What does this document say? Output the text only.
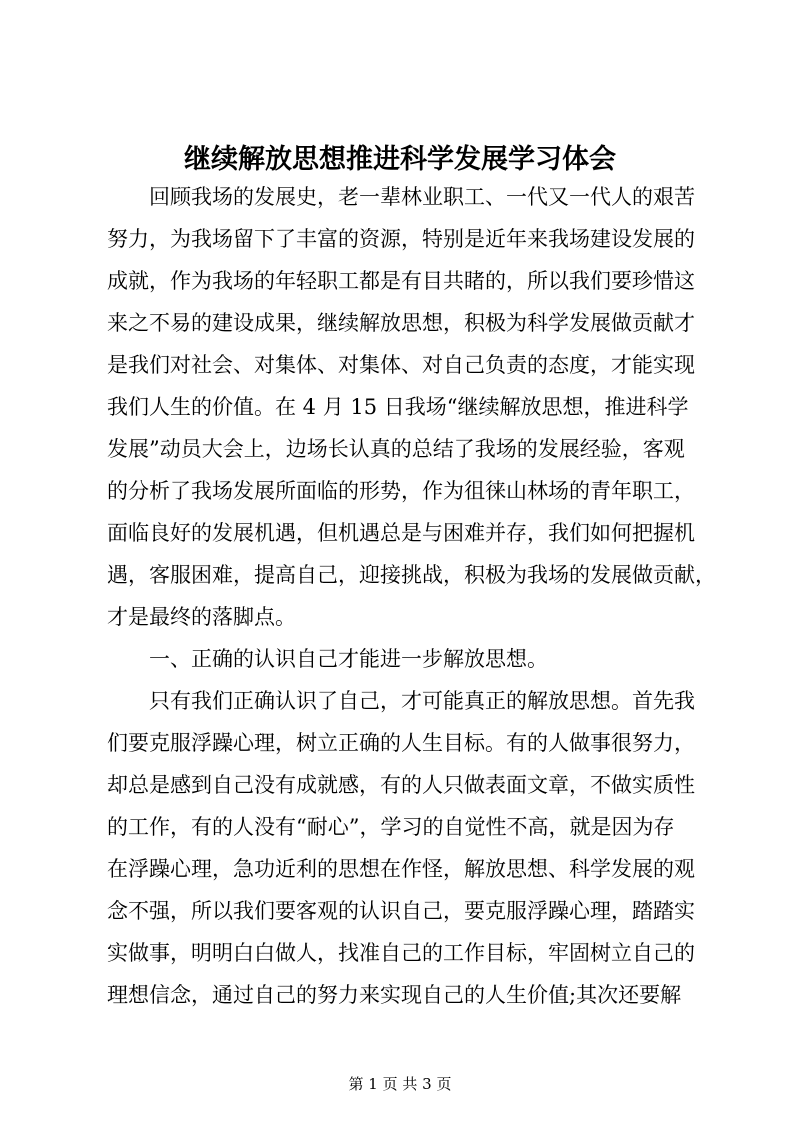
继续解放思想推进科学发展学习体会
　　回顾我场的发展史，老一辈林业职工、一代又一代人的艰苦
努力，为我场留下了丰富的资源，特别是近年来我场建设发展的
成就，作为我场的年轻职工都是有目共睹的，所以我们要珍惜这
来之不易的建设成果，继续解放思想，积极为科学发展做贡献才
是我们对社会、对集体、对集体、对自己负责的态度，才能实现
我们人生的价值。在 4 月 15 日我场“继续解放思想，推进科学
发展”动员大会上，边场长认真的总结了我场的发展经验，客观
的分析了我场发展所面临的形势，作为徂徕山林场的青年职工，
面临良好的发展机遇，但机遇总是与困难并存，我们如何把握机
遇，客服困难，提高自己，迎接挑战，积极为我场的发展做贡献，
才是最终的落脚点。
　　一、正确的认识自己才能进一步解放思想。
　　只有我们正确认识了自己，才可能真正的解放思想。首先我
们要克服浮躁心理，树立正确的人生目标。有的人做事很努力，
却总是感到自己没有成就感，有的人只做表面文章，不做实质性
的工作，有的人没有“耐心”，学习的自觉性不高，就是因为存
在浮躁心理，急功近利的思想在作怪，解放思想、科学发展的观
念不强，所以我们要客观的认识自己，要克服浮躁心理，踏踏实
实做事，明明白白做人，找准自己的工作目标，牢固树立自己的
理想信念，通过自己的努力来实现自己的人生价值;其次还要解
第 1 页 共 3 页
